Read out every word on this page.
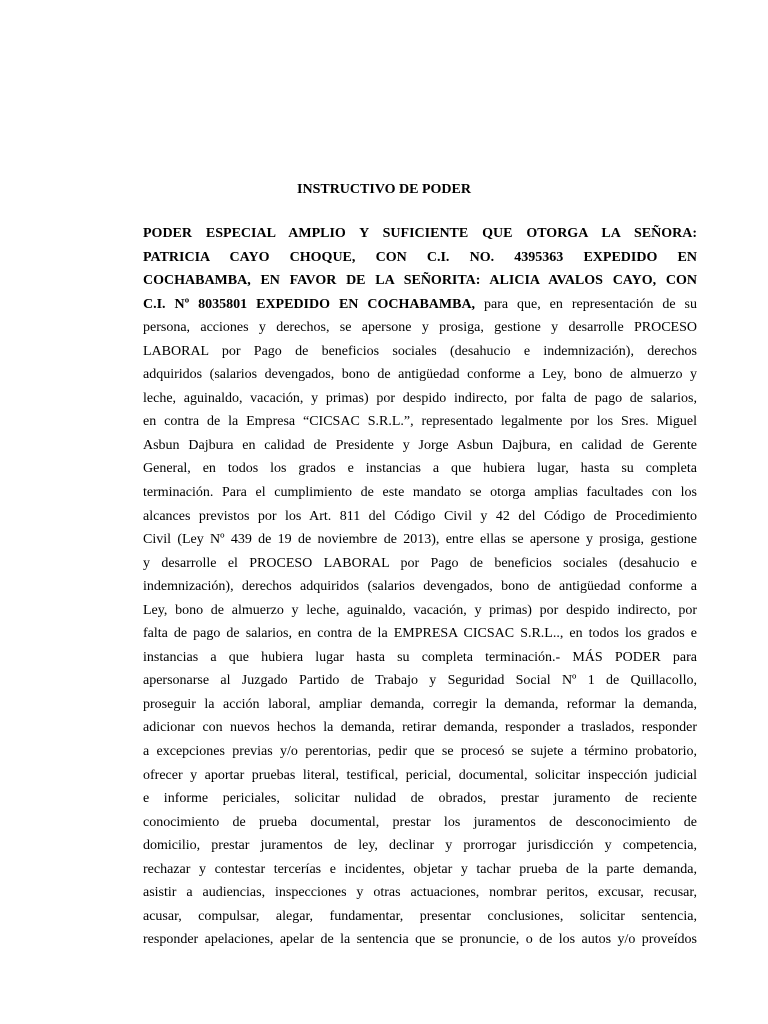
INSTRUCTIVO DE PODER
PODER ESPECIAL AMPLIO Y SUFICIENTE QUE OTORGA LA SEÑORA:
PATRICIA CAYO CHOQUE, CON C.I. NO. 4395363 EXPEDIDO EN
COCHABAMBA, EN FAVOR DE LA SEÑORITA: ALICIA AVALOS CAYO, CON
C.I. Nº 8035801 EXPEDIDO EN COCHABAMBA, para que, en representación de su
persona, acciones y derechos, se apersone y prosiga, gestione y desarrolle PROCESO
LABORAL por Pago de beneficios sociales (desahucio e indemnización), derechos
adquiridos (salarios devengados, bono de antigüedad conforme a Ley, bono de almuerzo y
leche, aguinaldo, vacación, y primas) por despido indirecto, por falta de pago de salarios,
en contra de la Empresa “CICSAC S.R.L.”, representado legalmente por los Sres. Miguel
Asbun Dajbura en calidad de Presidente y Jorge Asbun Dajbura, en calidad de Gerente
General, en todos los grados e instancias a que hubiera lugar, hasta su completa
terminación. Para el cumplimiento de este mandato se otorga amplias facultades con los
alcances previstos por los Art. 811 del Código Civil y 42 del Código de Procedimiento
Civil (Ley Nº 439 de 19 de noviembre de 2013), entre ellas se apersone y prosiga, gestione
y desarrolle el PROCESO LABORAL por Pago de beneficios sociales (desahucio e
indemnización), derechos adquiridos (salarios devengados, bono de antigüedad conforme a
Ley, bono de almuerzo y leche, aguinaldo, vacación, y primas) por despido indirecto, por
falta de pago de salarios, en contra de la EMPRESA CICSAC S.R.L.., en todos los grados e
instancias a que hubiera lugar hasta su completa terminación.- MÁS PODER para
apersonarse al Juzgado Partido de Trabajo y Seguridad Social Nº 1 de Quillacollo,
proseguir la acción laboral, ampliar demanda, corregir la demanda, reformar la demanda,
adicionar con nuevos hechos la demanda, retirar demanda, responder a traslados, responder
a excepciones previas y/o perentorias, pedir que se procesó se sujete a término probatorio,
ofrecer y aportar pruebas literal, testifical, pericial, documental, solicitar inspección judicial
e informe periciales, solicitar nulidad de obrados, prestar juramento de reciente
conocimiento de prueba documental, prestar los juramentos de desconocimiento de
domicilio, prestar juramentos de ley, declinar y prorrogar jurisdicción y competencia,
rechazar y contestar tercerías e incidentes, objetar y tachar prueba de la parte demanda,
asistir a audiencias, inspecciones y otras actuaciones, nombrar peritos, excusar, recusar,
acusar, compulsar, alegar, fundamentar, presentar conclusiones, solicitar sentencia,
responder apelaciones, apelar de la sentencia que se pronuncie, o de los autos y/o proveídos
